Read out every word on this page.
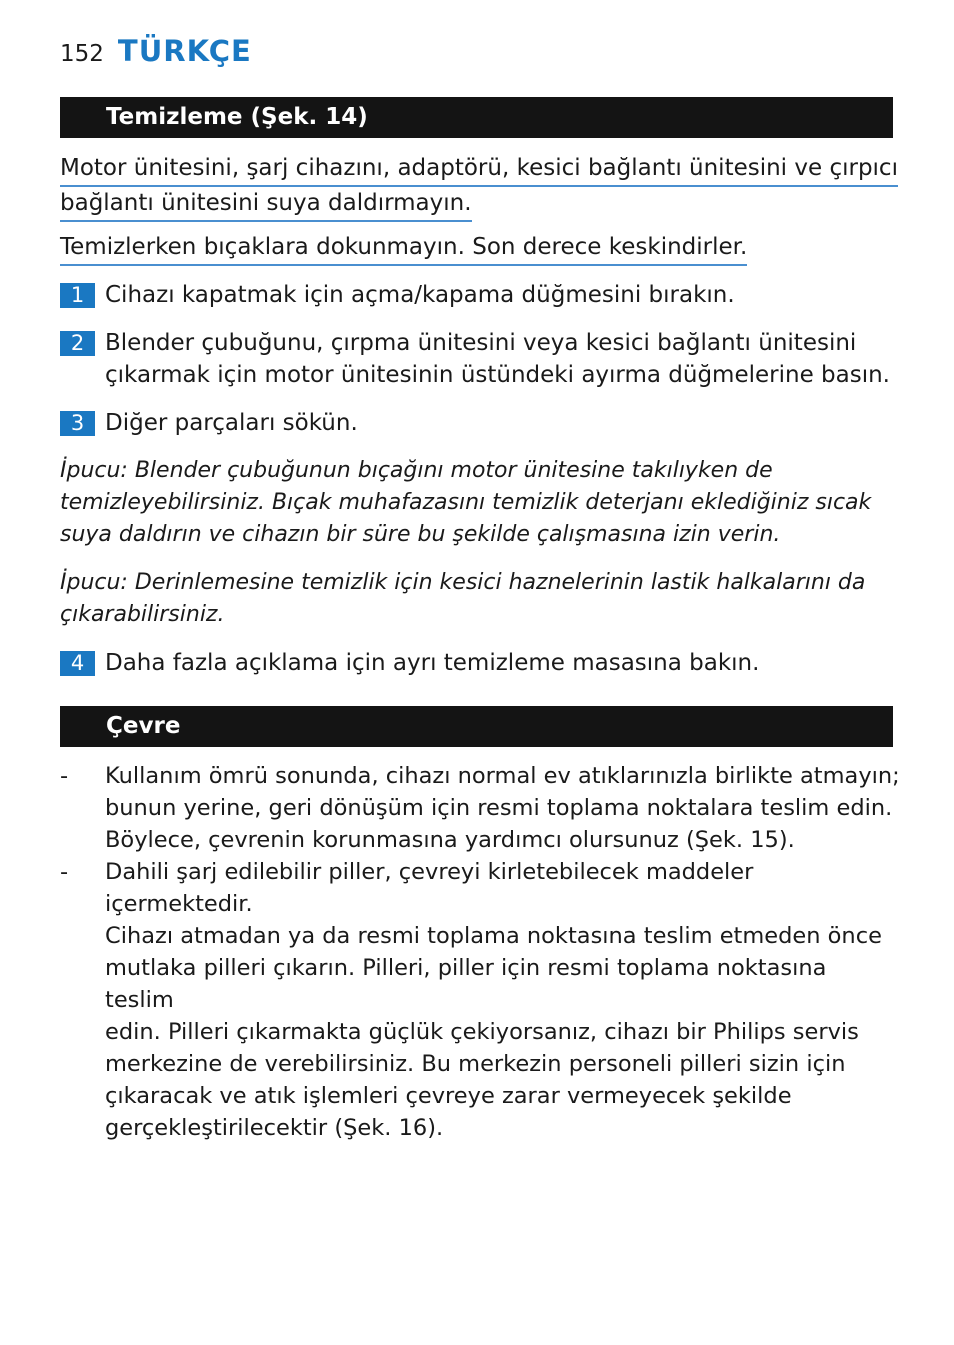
152 TÜRKÇE
Temizleme (Şek. 14)
Motor ünitesini, şarj cihazını, adaptörü, kesici bağlantı ünitesini ve çırpıcı
bağlantı ünitesini suya daldırmayın.
Temizlerken bıçaklara dokunmayın. Son derece keskindirler.
1 Cihazı kapatmak için açma/kapama düğmesini bırakın.
2 Blender çubuğunu, çırpma ünitesini veya kesici bağlantı ünitesini
çıkarmak için motor ünitesinin üstündeki ayırma düğmelerine basın.
3 Diğer parçaları sökün.
İpucu: Blender çubuğunun bıçağını motor ünitesine takılıyken de
temizleyebilirsiniz. Bıçak muhafazasını temizlik deterjanı eklediğiniz sıcak
suya daldırın ve cihazın bir süre bu şekilde çalışmasına izin verin.
İpucu: Derinlemesine temizlik için kesici haznelerinin lastik halkalarını da
çıkarabilirsiniz.
4 Daha fazla açıklama için ayrı temizleme masasına bakın.
Çevre
- Kullanım ömrü sonunda, cihazı normal ev atıklarınızla birlikte atmayın;
bunun yerine, geri dönüşüm için resmi toplama noktalara teslim edin.
Böylece, çevrenin korunmasına yardımcı olursunuz (Şek. 15).
- Dahili şarj edilebilir piller, çevreyi kirletebilecek maddeler içermektedir.
Cihazı atmadan ya da resmi toplama noktasına teslim etmeden önce
mutlaka pilleri çıkarın. Pilleri, piller için resmi toplama noktasına teslim
edin. Pilleri çıkarmakta güçlük çekiyorsanız, cihazı bir Philips servis
merkezine de verebilirsiniz. Bu merkezin personeli pilleri sizin için
çıkaracak ve atık işlemleri çevreye zarar vermeyecek şekilde
gerçekleştirilecektir (Şek. 16).
